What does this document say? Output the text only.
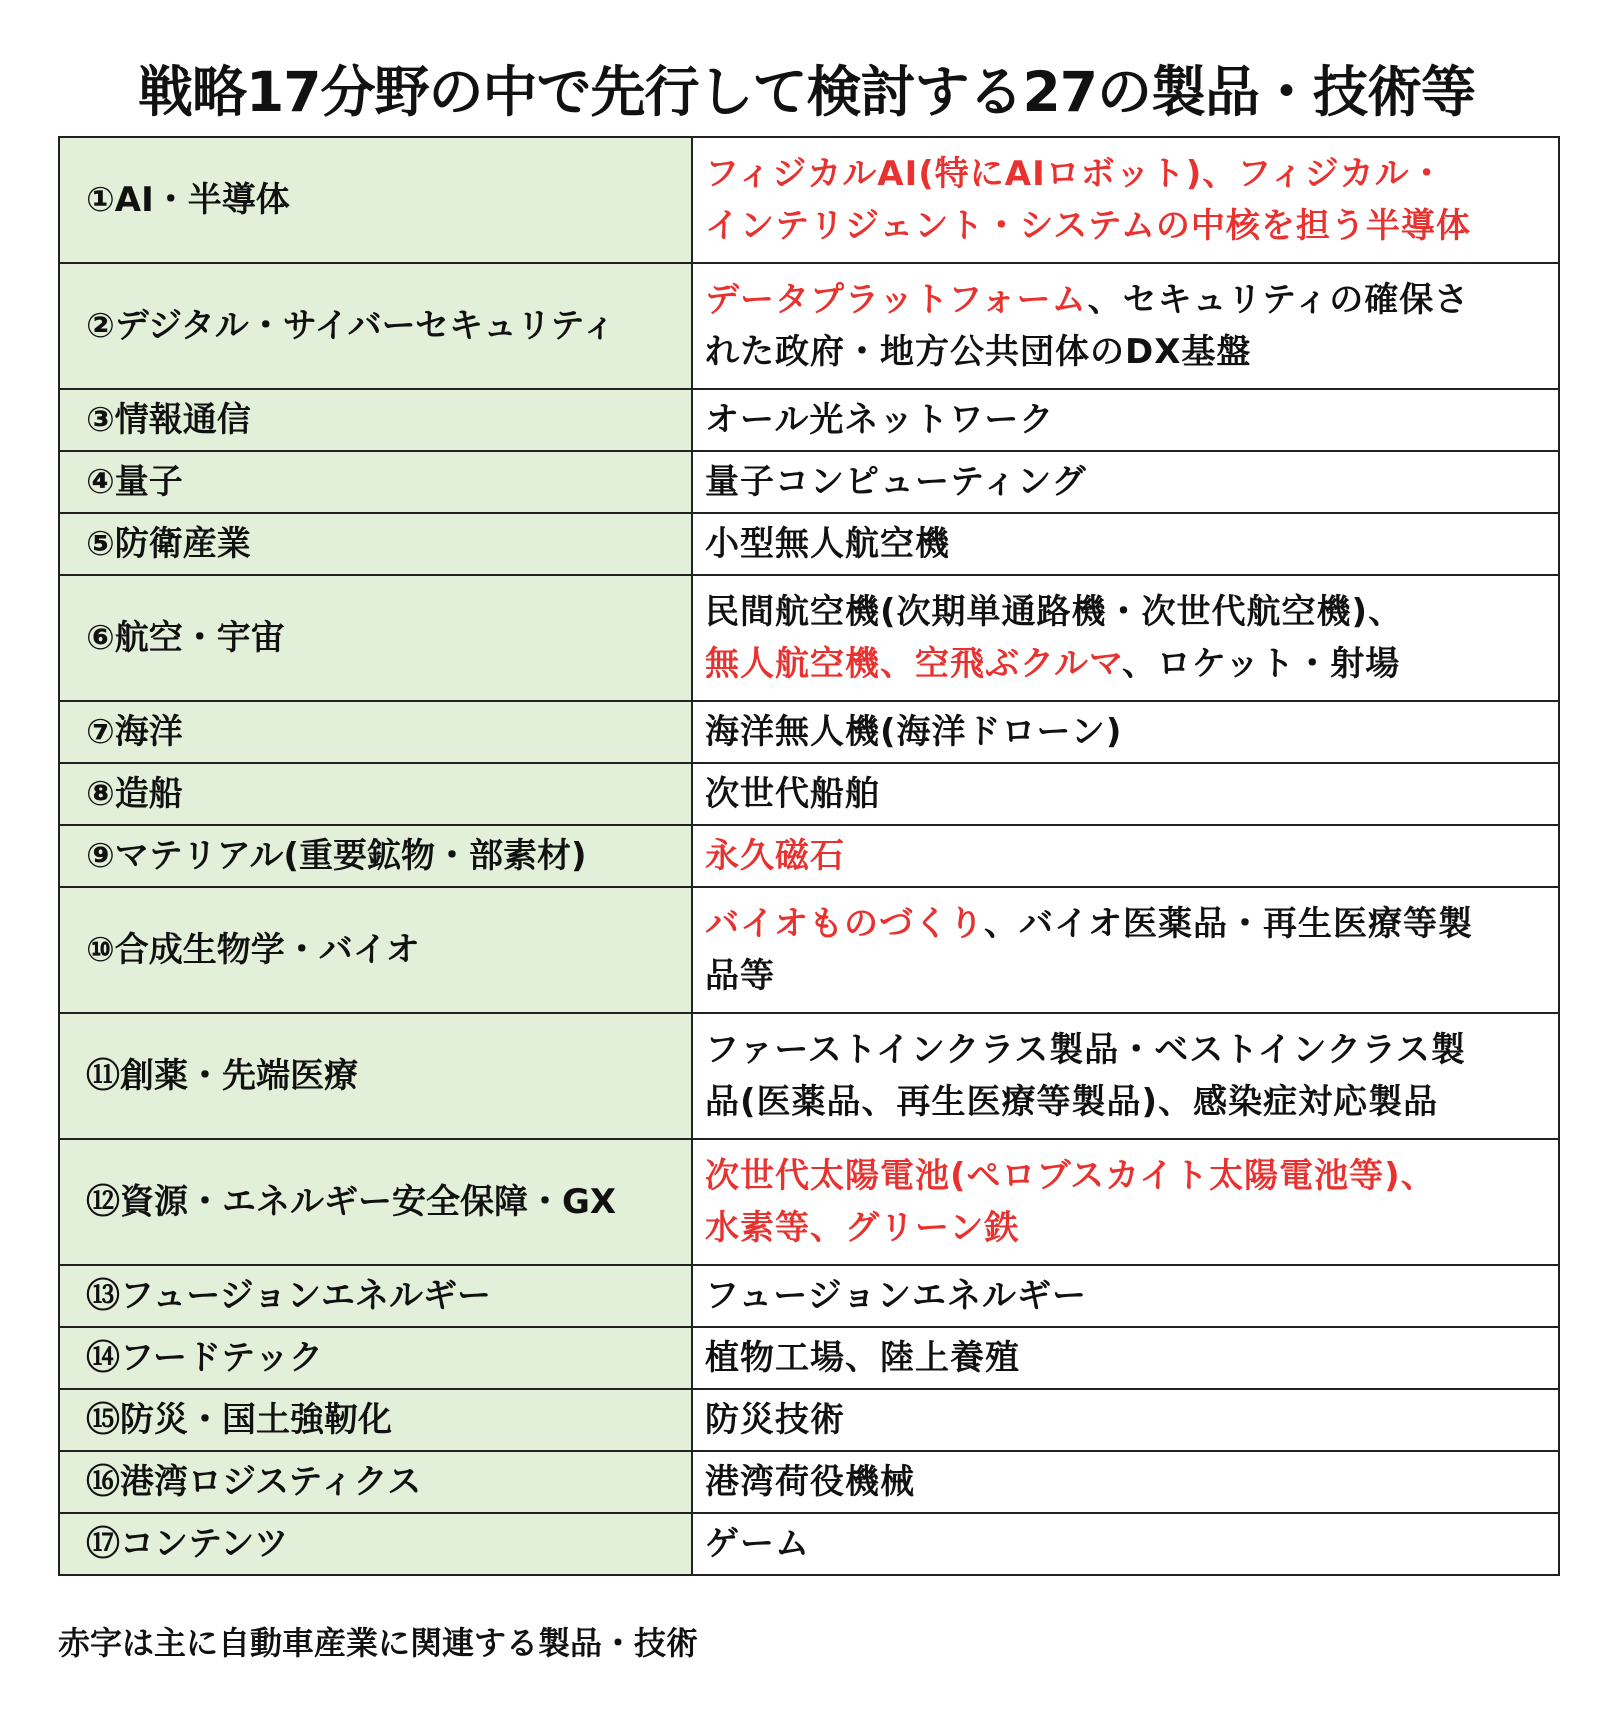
戦略17分野の中で先行して検討する27の製品・技術等
①AI・半導体	フィジカルAI(特にAIロボット)、フィジカル・
インテリジェント・システムの中核を担う半導体

②デジタル・サイバーセキュリティ	データプラットフォーム、セキュリティの確保さ
れた政府・地方公共団体のDX基盤

③情報通信	オール光ネットワーク

④量子	量子コンピューティング

⑤防衛産業	小型無人航空機

⑥航空・宇宙	民間航空機(次期単通路機・次世代航空機)、
無人航空機、空飛ぶクルマ、ロケット・射場

⑦海洋	海洋無人機(海洋ドローン)

⑧造船	次世代船舶

⑨マテリアル(重要鉱物・部素材)	永久磁石

⑩合成生物学・バイオ	バイオものづくり、バイオ医薬品・再生医療等製
品等

⑪創薬・先端医療	ファーストインクラス製品・ベストインクラス製
品(医薬品、再生医療等製品)、感染症対応製品

⑫資源・エネルギー安全保障・GX	次世代太陽電池(ペロブスカイト太陽電池等)、
水素等、グリーン鉄

⑬フュージョンエネルギー	フュージョンエネルギー

⑭フードテック	植物工場、陸上養殖

⑮防災・国土強靭化	防災技術

⑯港湾ロジスティクス	港湾荷役機械

⑰コンテンツ	ゲーム
赤字は主に自動車産業に関連する製品・技術
